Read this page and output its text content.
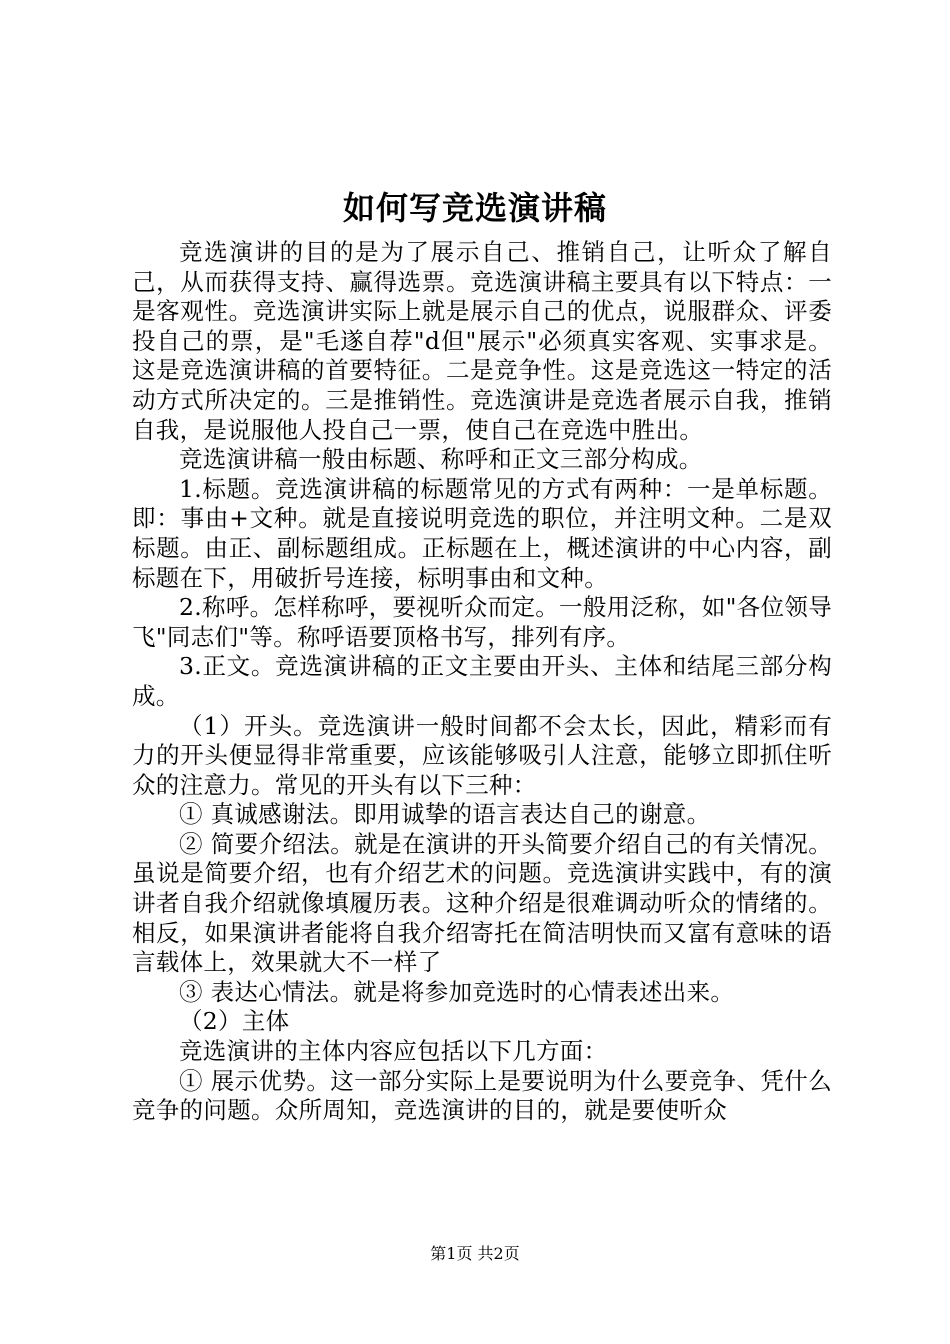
如何写竞选演讲稿

竞选演讲的目的是为了展示自己、推销自己，让听众了解自己，从而获得支持、赢得选票。竞选演讲稿主要具有以下特点：一是客观性。竞选演讲实际上就是展示自己的优点，说服群众、评委投自己的票，是"毛遂自荐"d但"展示"必须真实客观、实事求是。这是竞选演讲稿的首要特征。二是竞争性。这是竞选这一特定的活动方式所决定的。三是推销性。竞选演讲是竞选者展示自我，推销自我，是说服他人投自己一票，使自己在竞选中胜出。

竞选演讲稿一般由标题、称呼和正文三部分构成。

1.标题。竞选演讲稿的标题常见的方式有两种：一是单标题。即：事由+文种。就是直接说明竞选的职位，并注明文种。二是双标题。由正、副标题组成。正标题在上，概述演讲的中心内容，副标题在下，用破折号连接，标明事由和文种。

2.称呼。怎样称呼，要视听众而定。一般用泛称，如"各位领导飞"同志们"等。称呼语要顶格书写，排列有序。

3.正文。竞选演讲稿的正文主要由开头、主体和结尾三部分构成。

（1）开头。竞选演讲一般时间都不会太长，因此，精彩而有力的开头便显得非常重要，应该能够吸引人注意，能够立即抓住听众的注意力。常见的开头有以下三种：

① 真诚感谢法。即用诚挚的语言表达自己的谢意。

② 简要介绍法。就是在演讲的开头简要介绍自己的有关情况。虽说是简要介绍，也有介绍艺术的问题。竞选演讲实践中，有的演讲者自我介绍就像填履历表。这种介绍是很难调动听众的情绪的。相反，如果演讲者能将自我介绍寄托在简洁明快而又富有意味的语言载体上，效果就大不一样了

③ 表达心情法。就是将参加竞选时的心情表述出来。

（2）主体

竞选演讲的主体内容应包括以下几方面：

① 展示优势。这一部分实际上是要说明为什么要竞争、凭什么竞争的问题。众所周知，竞选演讲的目的，就是要使听众

第1页 共2页
